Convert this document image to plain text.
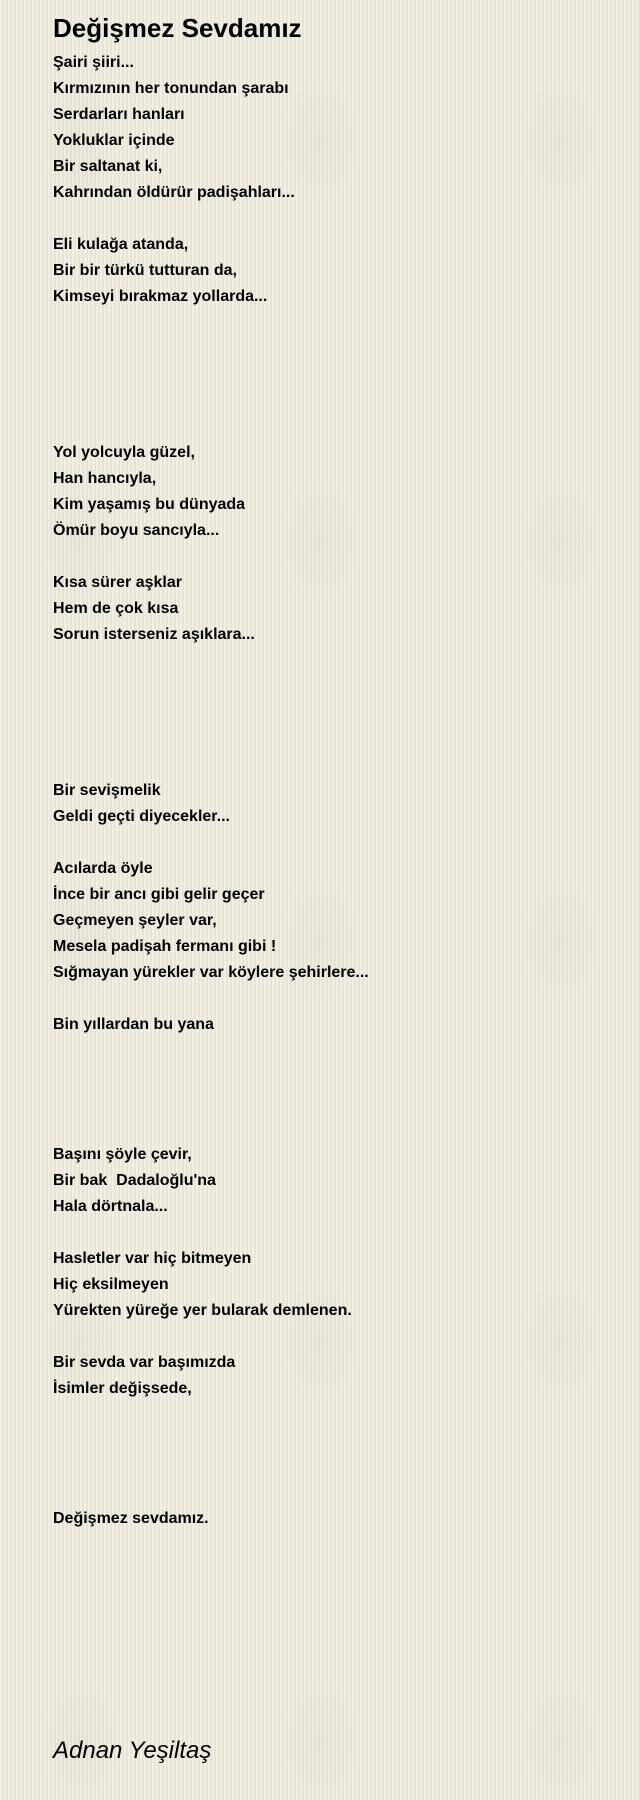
Değişmez Sevdamız
Şairi şiiri...
Kırmızının her tonundan şarabı
Serdarları hanları
Yokluklar içinde
Bir saltanat ki,
Kahrından öldürür padişahları...
Eli kulağa atanda,
Bir bir türkü tutturan da,
Kimseyi bırakmaz yollarda...
Yol yolcuyla güzel,
Han hancıyla,
Kim yaşamış bu dünyada
Ömür boyu sancıyla...
Kısa sürer aşklar
Hem de çok kısa
Sorun isterseniz aşıklara...
Bir sevişmelik
Geldi geçti diyecekler...
Acılarda öyle
İnce bir ancı gibi gelir geçer
Geçmeyen şeyler var,
Mesela padişah fermanı gibi !
Sığmayan yürekler var köylere şehirlere...
Bin yıllardan bu yana
Başını şöyle çevir,
Bir bak  Dadaloğlu'na
Hala dörtnala...
Hasletler var hiç bitmeyen
Hiç eksilmeyen
Yürekten yüreğe yer bularak demlenen.
Bir sevda var başımızda
İsimler değişsede,
Değişmez sevdamız.
Adnan Yeşiltaş
